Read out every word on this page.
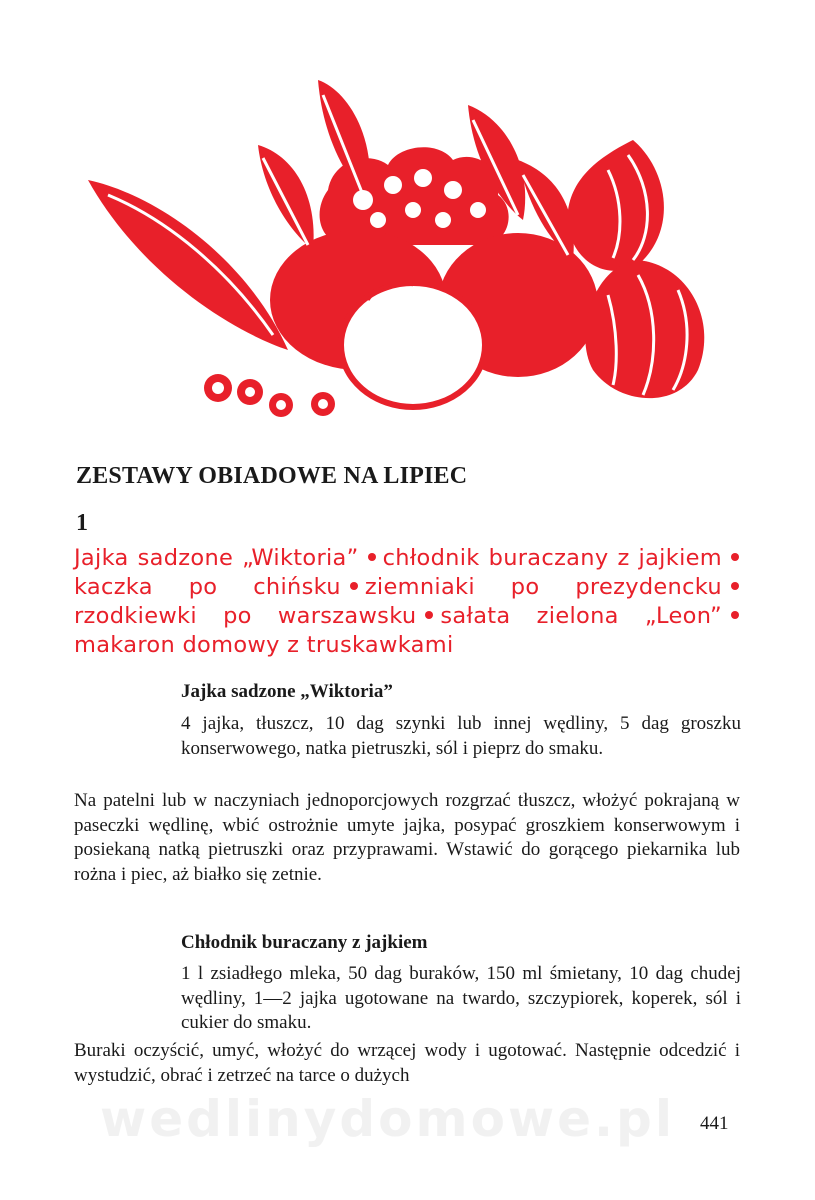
ZESTAWY OBIADOWE NA LIPIEC
1
Jajka sadzone „Wiktoria” chłodnik buraczany z jajkiemkaczka po chińsku ziemniaki po prezydenckurzodkiewki po warszawsku sałata zielona „Leon”makaron domowy z truskawkami
Jajka sadzone „Wiktoria”
4 jajka, tłuszcz, 10 dag szynki lub innej wędliny, 5 dag groszku konserwowego, natka pietruszki, sól i pieprz do smaku.
Na patelni lub w naczyniach jednoporcjowych rozgrzać tłuszcz, włożyć pokrajaną w paseczki wędlinę, wbić ostrożnie umyte jajka, posypać groszkiem konserwowym i posiekaną natką pietruszki oraz przyprawami. Wstawić do gorącego piekarnika lub rożna i piec, aż białko się zetnie.
Chłodnik buraczany z jajkiem
1 l zsiadłego mleka, 50 dag buraków, 150 ml śmietany, 10 dag chudej wędliny, 1—2 jajka ugotowane na twardo, szczypiorek, koperek, sól i cukier do smaku.
Buraki oczyścić, umyć, włożyć do wrzącej wody i ugotować. Następnie odcedzić i wystudzić, obrać i zetrzeć na tarce o dużych
wedlinydomowe.pl 441
